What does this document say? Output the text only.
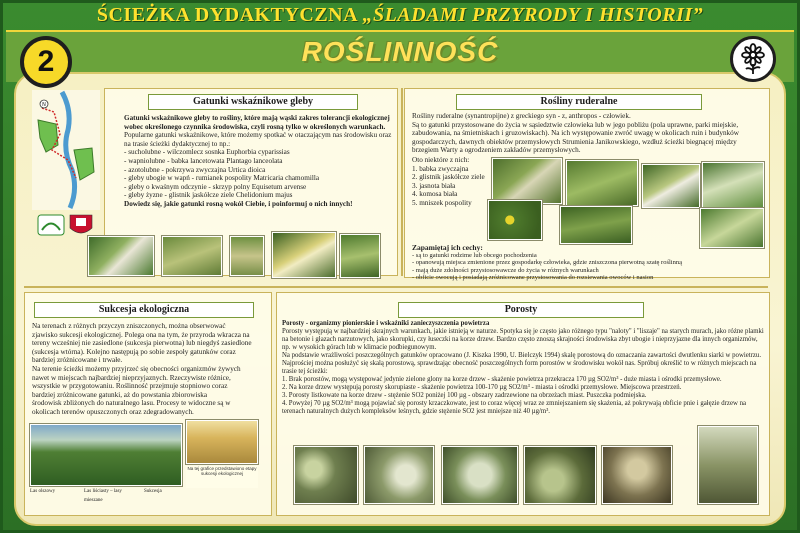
ŚCIEŻKA DYDAKTYCZNA „ŚLADAMI PRZYRODY I HISTORII”
2	ROŚLINNOŚĆ
N	Gatunki wskaźnikowe gleby
Gatunki wskaźnikowe gleby to rośliny, które mają wąski zakres tolerancji ekologicznej wobec określonego czynnika środowiska, czyli rosną tylko w określonych warunkach.
Popularne gatunki wskaźnikowe, które możemy spotkać w otaczającym nas środowisku oraz na trasie ścieżki dydaktycznej to np.:
- sucholubne - wilczomlecz sosnka Euphorbia cyparissias
- wapniolubne - babka lancetowata Plantago lanceolata
- azotolubne - pokrzywa zwyczajna Urtica dioica
- gleby ubogie w wapń - rumianek pospolity Matricaria chamomilla
- gleby o kwaśnym odczynie - skrzyp polny Equisetum arvense
- gleby żyzne - glistnik jaskółcze ziele Chelidonium majus
Dowiedz się, jakie gatunki rosną wokół Ciebie, i poinformuj o nich innych!
Rośliny ruderalne
Rośliny ruderalne (synantropijne) z greckiego syn - z, anthropos - człowiek.
Są to gatunki przystosowane do życia w sąsiedztwie człowieka lub w jego pobliżu (pola uprawne, parki miejskie, zabudowania, na śmietniskach i gruzowiskach). Na ich występowanie zwróć uwagę w okolicach ruin i budynków gospodarczych, dawnych obiektów przemysłowych Strumienia Janikowskiego, wzdłuż ścieżki biegnącej między brzegiem Warty a ogrodzeniem zakładów przemysłowych.
Oto niektóre z nich:
1. babka zwyczajna
2. glistnik jaskółcze ziele
3. jasnota biała
4. komosa biała
5. mniszek pospolity
Zapamiętaj ich cechy:
- są to gatunki rodzime lub obcego pochodzenia
- opanowują miejsca zmienione przez gospodarkę człowieka, gdzie zniszczona pierwotną szatę roślinną
- mają duże zdolności przystosowawcze do życia w różnych warunkach
- obficie owocują i posiadają zróżnicowane przystosowania do rozsiewania owoców i nasion
Sukcesja ekologiczna
Na terenach z różnych przyczyn zniszczonych, można obserwować
zjawisko sukcesji ekologicznej. Polega ona na tym, że przyroda wkracza na
tereny wcześniej nie zasiedlone (sukcesja pierwotna) lub niegdyś zasiedlone
(sukcesja wtórna). Kolejno następują po sobie zespoły gatunków coraz
bardziej zróżnicowane i trwałe.
Na terenie ścieżki możemy przyjrzeć się obecności organizmów żywych
nawet w miejscach najbardziej nieprzyjaznych. Rzeczywiste różnice,
wszystkie w przygotowaniu. Roślinność przejmuje stopniowo coraz
bardziej zróżnicowane gatunki, aż do powstania zbiorowiska
środowisk zbliżonych do naturalnego lasu. Procesy te widoczne są w
okolicach terenów opuszczonych oraz zdegradowanych.
Na tej grafice przedstawiono etapy sukcesji ekologicznej
Las olszowy	Las liściasty – lasy mieszane
Sukcesja
Porosty
Porosty - organizmy pionierskie i wskaźniki zanieczyszczenia powietrza
Porosty występują w najbardziej skrajnych warunkach, jakie istnieją w naturze. Spotyka się je często jako różnego typu "naloty" i "liszaje" na starych murach, jako różne plamki na betonie i głazach narzutowych, jako skorupki, czy łuseczki na korze drzew. Bardzo często znoszą skrajności środowiska zbyt ubogie i nieprzyjazne dla innych organizmów, np. w wysokich górach lub w klimacie podbiegunowym.
Na podstawie wrażliwości poszczególnych gatunków opracowano (J. Kiszka 1990, U. Bielczyk 1994) skalę porostową do oznaczania zawartości dwutlenku siarki w powietrzu.
Najprościej można posłużyć się skalą porostową, sprawdzając obecność poszczególnych form porostów w środowisku wokół nas. Spróbuj określić to w różnych miejscach na trasie tej ścieżki:
1. Brak porostów, mogą występować jedynie zielone glony na korze drzew - skażenie powietrza przekracza 170 µg SO2/m³ - duże miasta i ośrodki przemysłowe.
2. Na korze drzew występują porosty skorupiaste - skażenie powietrza 100-170 µg SO2/m³ - miasta i ośrodki przemysłowe. Miejscowa przestrzeń.
3. Porosty listkowate na korze drzew - stężenie SO2 poniżej 100 µg - obszary zadrzewione na obrzeżach miast. Puszczka podmiejska.
4. Powyżej 70 µg SO2/m³ mogą pojawiać się porosty krzaczkowate, jest to coraz więcej wraz ze zmniejszaniem się skażenia, aż pokrywają obficie pnie i gałęzie drzew na terenach naturalnych dużych kompleksów leśnych, gdzie stężenie SO2 jest mniejsze niż 40 µg/m³.
